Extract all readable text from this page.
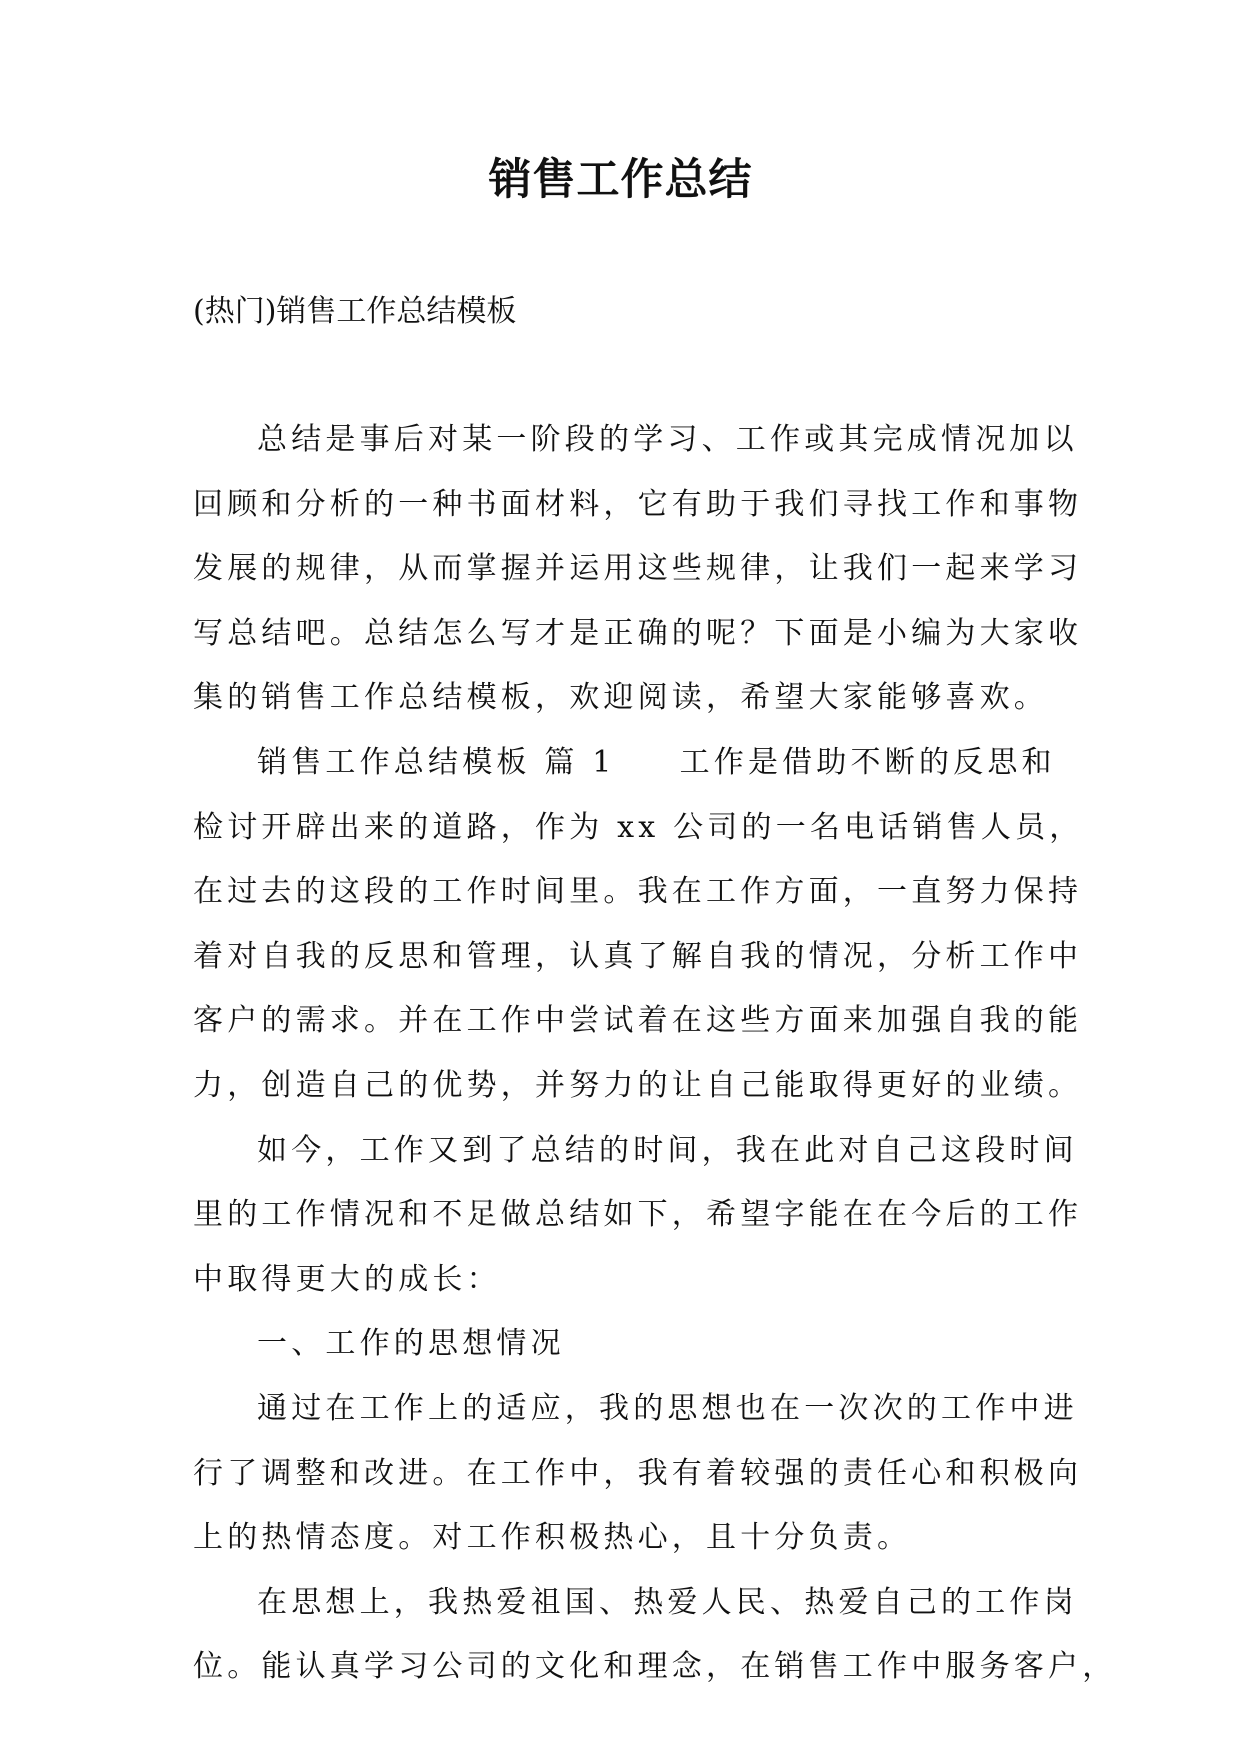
销售工作总结

(热门)销售工作总结模板

总结是事后对某一阶段的学习、工作或其完成情况加以
回顾和分析的一种书面材料，它有助于我们寻找工作和事物
发展的规律，从而掌握并运用这些规律，让我们一起来学习
写总结吧。总结怎么写才是正确的呢？下面是小编为大家收
集的销售工作总结模板，欢迎阅读，希望大家能够喜欢。
销售工作总结模板 篇 1 工作是借助不断的反思和
检讨开辟出来的道路，作为 xx 公司的一名电话销售人员，
在过去的这段的工作时间里。我在工作方面，一直努力保持
着对自我的反思和管理，认真了解自我的情况，分析工作中
客户的需求。并在工作中尝试着在这些方面来加强自我的能
力，创造自己的优势，并努力的让自己能取得更好的业绩。
如今，工作又到了总结的时间，我在此对自己这段时间
里的工作情况和不足做总结如下，希望字能在在今后的工作
中取得更大的成长：
一、工作的思想情况
通过在工作上的适应，我的思想也在一次次的工作中进
行了调整和改进。在工作中，我有着较强的责任心和积极向
上的热情态度。对工作积极热心，且十分负责。
在思想上，我热爱祖国、热爱人民、热爱自己的工作岗
位。能认真学习公司的文化和理念，在销售工作中服务客户，
